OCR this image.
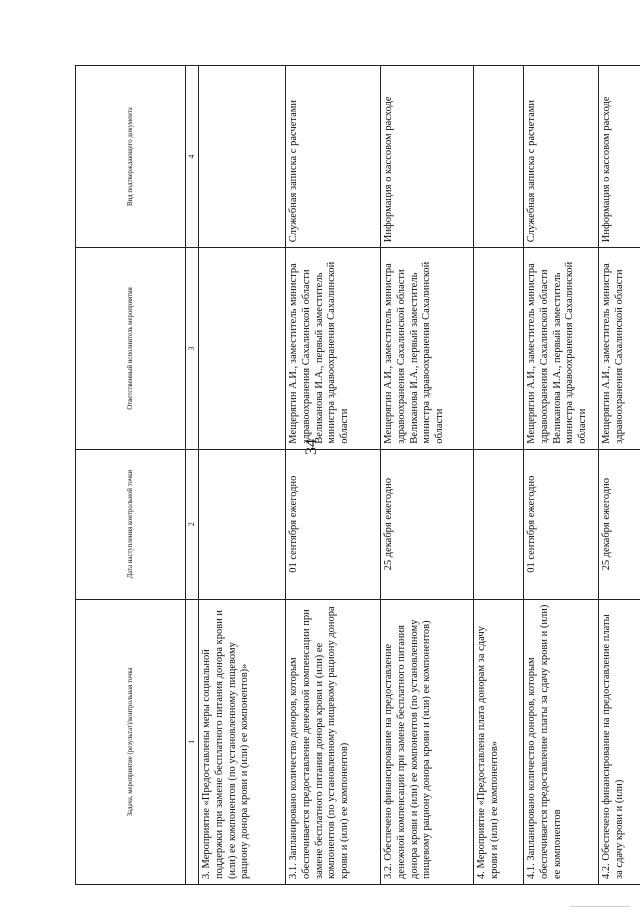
34
Задача, мероприятие (результат)/контрольная точка	Дата наступления контрольной точки	Ответственный исполнитель мероприятия	Вид подтверждающего документа
1	2	3	4
3. Мероприятие «Предоставлены меры социальной поддержки при замене бесплатного питания донора крови и (или) ее компонентов (по установленному пищевому рациону донора крови и (или) ее компонентов)»			
3.1. Запланировано количество доноров, которым обеспечивается предоставление денежной компенсации при замене бесплатного питания донора крови и (или) ее компонентов (по установленному пищевому рациону донора крови и (или) ее компонентов)	01 сентября ежегодно	Мещерягин А.И., заместитель министра здравоохранения Сахалинской области Великанова И.А., первый заместитель министра здравоохранения Сахалинской области	Служебная записка с расчетами
3.2. Обеспечено финансирование на предоставление денежной компенсации при замене бесплатного питания донора крови и (или) ее компонентов (по установленному пищевому рациону донора крови и (или) ее компонентов)	25 декабря ежегодно	Мещерягин А.И., заместитель министра здравоохранения Сахалинской области Великанова И.А., первый заместитель министра здравоохранения Сахалинской области	Информация о кассовом расходе
4. Мероприятие «Предоставлена плата донорам за сдачу крови и (или) ее компонентов»			
4.1. Запланировано количество доноров, которым обеспечивается предоставление платы за сдачу крови и (или) ее компонентов	01 сентября ежегодно	Мещерягин А.И., заместитель министра здравоохранения Сахалинской области Великанова И.А., первый заместитель министра здравоохранения Сахалинской области	Служебная записка с расчетами
4.2. Обеспечено финансирование на предоставление платы за сдачу крови и (или)	25 декабря ежегодно	Мещерягин А.И., заместитель министра здравоохранения Сахалинской области	Информация о кассовом расходе
